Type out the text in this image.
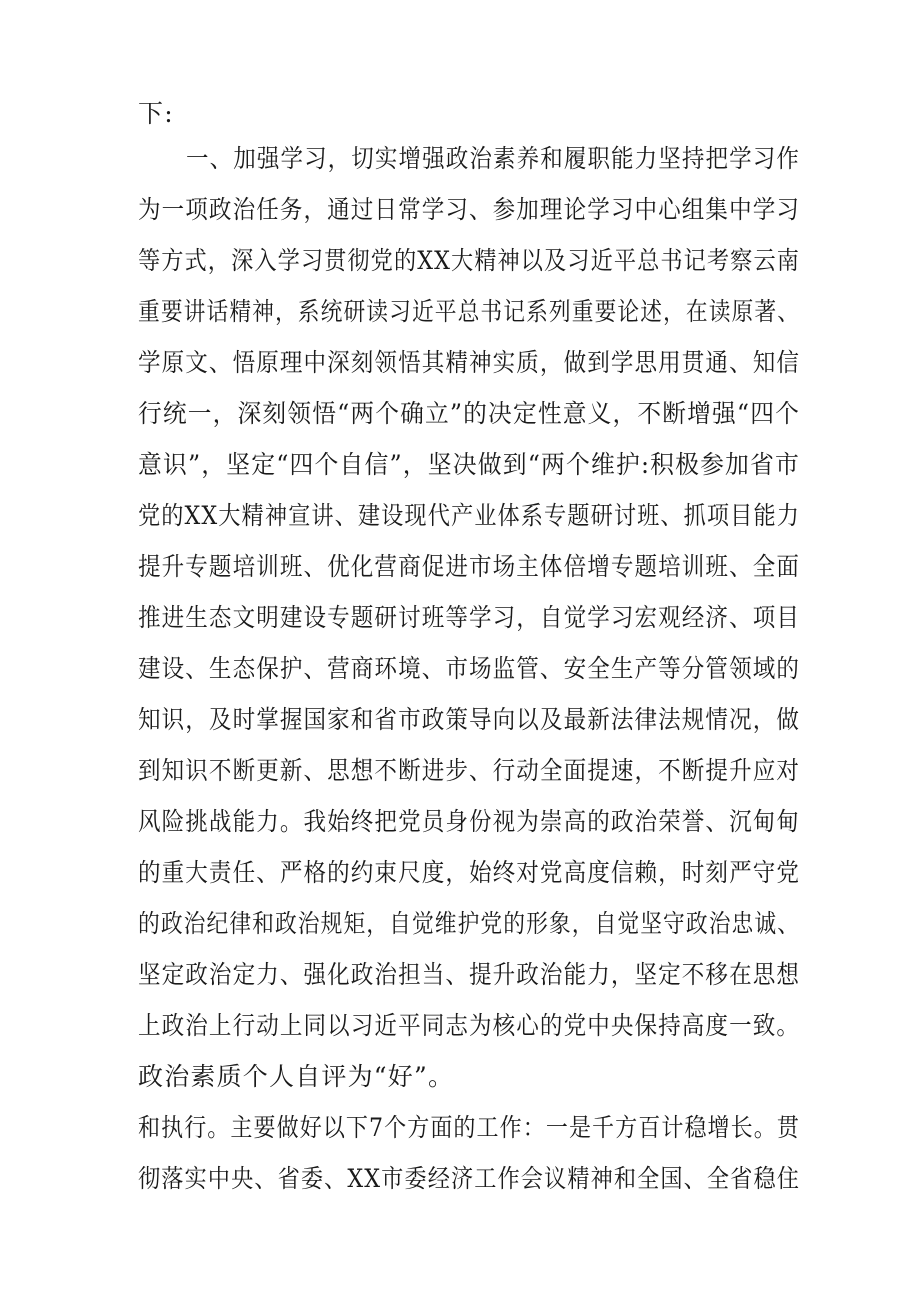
下:
一、加强学习，切实增强政治素养和履职能力坚持把学习作
为一项政治任务，通过日常学习、参加理论学习中心组集中学习
等方式，深入学习贯彻党的XX大精神以及习近平总书记考察云南
重要讲话精神，系统研读习近平总书记系列重要论述，在读原著、
学原文、悟原理中深刻领悟其精神实质，做到学思用贯通、知信
行统一，深刻领悟“两个确立”的决定性意义，不断增强“四个
意识”，坚定“四个自信”，坚决做到“两个维护:积极参加省市
党的XX大精神宣讲、建设现代产业体系专题研讨班、抓项目能力
提升专题培训班、优化营商促进市场主体倍增专题培训班、全面
推进生态文明建设专题研讨班等学习，自觉学习宏观经济、项目
建设、生态保护、营商环境、市场监管、安全生产等分管领域的
知识，及时掌握国家和省市政策导向以及最新法律法规情况，做
到知识不断更新、思想不断进步、行动全面提速，不断提升应对
风险挑战能力。我始终把党员身份视为崇高的政治荣誉、沉甸甸
的重大责任、严格的约束尺度，始终对党高度信赖，时刻严守党
的政治纪律和政治规矩，自觉维护党的形象，自觉坚守政治忠诚、
坚定政治定力、强化政治担当、提升政治能力，坚定不移在思想
上政治上行动上同以习近平同志为核心的党中央保持高度一致。
政治素质个人自评为“好”。
和执行。主要做好以下7个方面的工作：一是千方百计稳增长。贯
彻落实中央、省委、XX市委经济工作会议精神和全国、全省稳住
